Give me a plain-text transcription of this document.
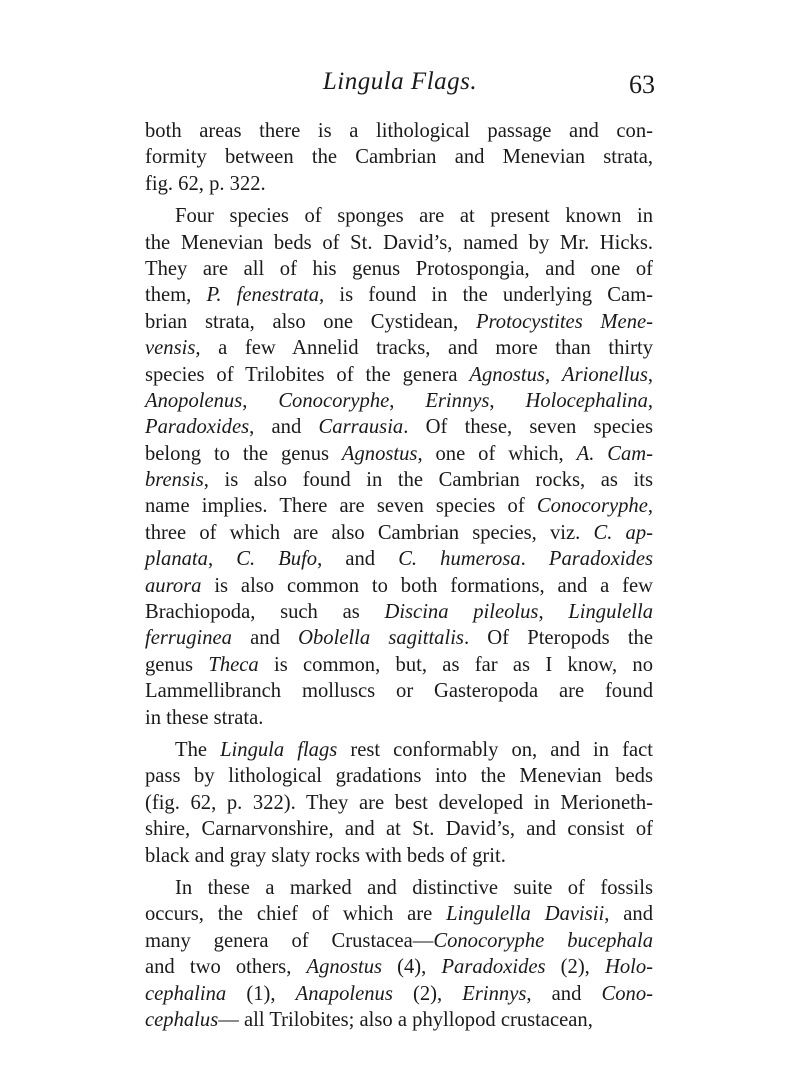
Lingula Flags.	63
both areas there is a lithological passage and con-
formity between the Cambrian and Menevian strata,
fig. 62, p. 322.
Four species of sponges are at present known in
the Menevian beds of St. David’s, named by Mr. Hicks.
They are all of his genus Protospongia, and one of
them, P. fenestrata, is found in the underlying Cam-
brian strata, also one Cystidean, Protocystites Mene-
vensis, a few Annelid tracks, and more than thirty
species of Trilobites of the genera Agnostus, Arionellus,
Anopolenus, Conocoryphe, Erinnys, Holocephalina,
Paradoxides, and Carrausia. Of these, seven species
belong to the genus Agnostus, one of which, A. Cam-
brensis, is also found in the Cambrian rocks, as its
name implies. There are seven species of Conocoryphe,
three of which are also Cambrian species, viz. C. ap-
planata, C. Bufo, and C. humerosa. Paradoxides
aurora is also common to both formations, and a few
Brachiopoda, such as Discina pileolus, Lingulella
ferruginea and Obolella sagittalis. Of Pteropods the
genus Theca is common, but, as far as I know, no
Lammellibranch molluscs or Gasteropoda are found
in these strata.
The Lingula flags rest conformably on, and in fact
pass by lithological gradations into the Menevian beds
(fig. 62, p. 322). They are best developed in Merioneth-
shire, Carnarvonshire, and at St. David’s, and consist of
black and gray slaty rocks with beds of grit.
In these a marked and distinctive suite of fossils
occurs, the chief of which are Lingulella Davisii, and
many genera of Crustacea—Conocoryphe bucephala
and two others, Agnostus (4), Paradoxides (2), Holo-
cephalina (1), Anapolenus (2), Erinnys, and Cono-
cephalus— all Trilobites; also a phyllopod crustacean,
